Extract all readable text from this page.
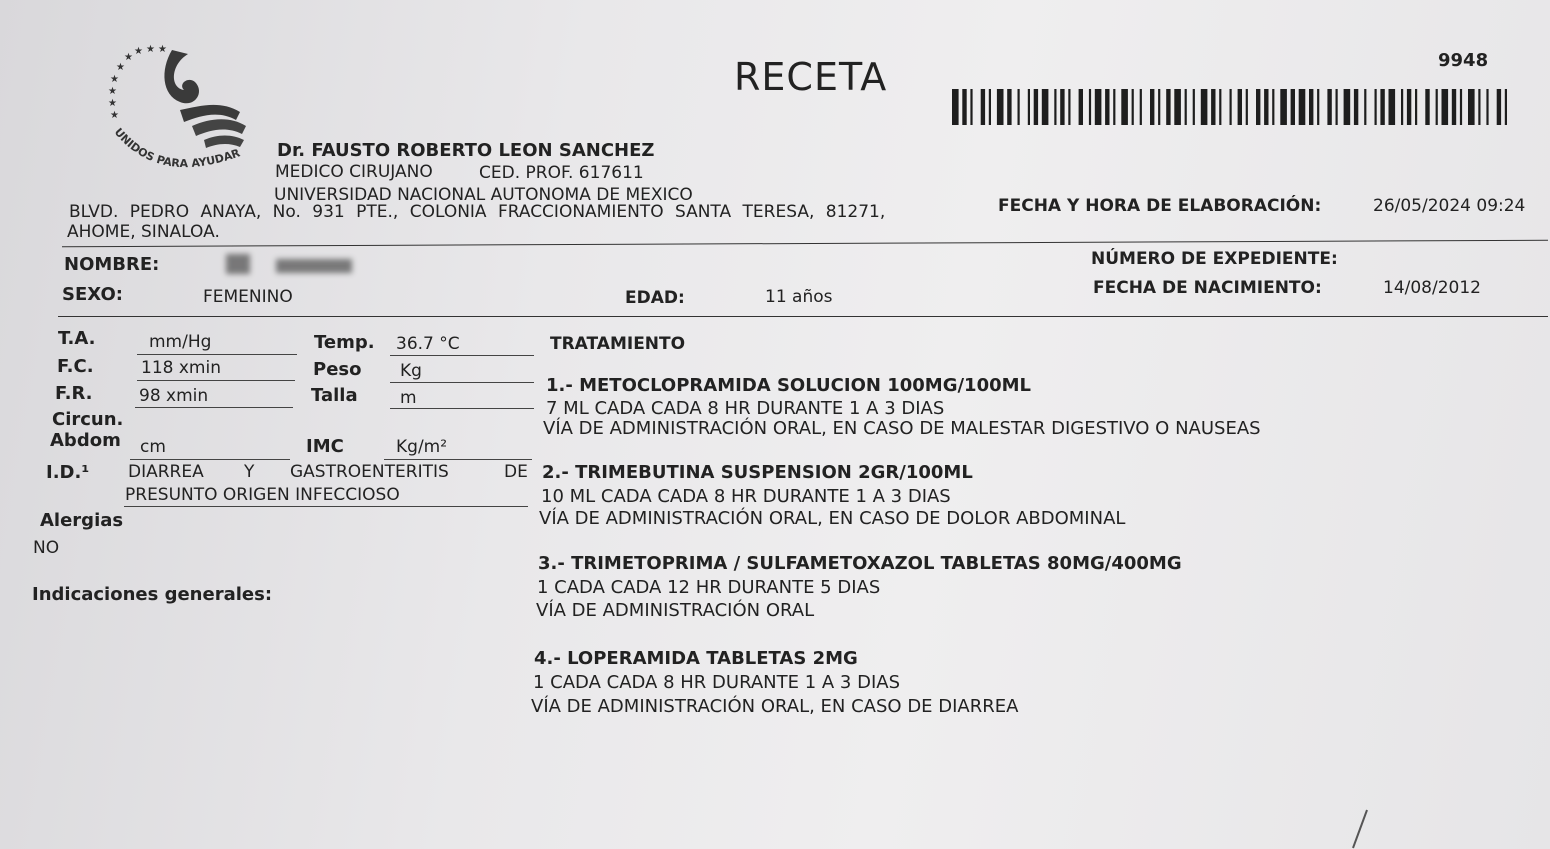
★
★
★
★
★
★
★ ★ ★
UNIDOS PARA AYUDAR
RECETA	9948
Dr. FAUSTO ROBERTO LEON SANCHEZ
MEDICO CIRUJANO	CED. PROF. 617611
UNIVERSIDAD NACIONAL AUTONOMA DE MEXICO
BLVD. PEDRO ANAYA, No. 931 PTE., COLONIA FRACCIONAMIENTO SANTA TERESA, 81271,
AHOME, SINALOA.
FECHA Y HORA DE ELABORACIÓN:	26/05/2024 09:24
NOMBRE:
SEXO:	FEMENINO	EDAD:	11 años
NÚMERO DE EXPEDIENTE:
FECHA DE NACIMIENTO:	14/08/2012
T.A.	mm/Hg	Temp. 36.7 °C
F.C.	118 xmin	Peso Kg
F.R.	98 xmin	Talla m
Circun.
Abdom cm	IMC	Kg/m²
I.D.¹ DIARREA Y GASTROENTERITIS	DE
PRESUNTO ORIGEN INFECCIOSO
Alergias
NO
Indicaciones generales:
TRATAMIENTO
1.- METOCLOPRAMIDA SOLUCION 100MG/100ML
7 ML CADA CADA 8 HR DURANTE 1 A 3 DIAS
VÍA DE ADMINISTRACIÓN ORAL, EN CASO DE MALESTAR DIGESTIVO O NAUSEAS
2.- TRIMEBUTINA SUSPENSION 2GR/100ML
10 ML CADA CADA 8 HR DURANTE 1 A 3 DIAS
VÍA DE ADMINISTRACIÓN ORAL, EN CASO DE DOLOR ABDOMINAL
3.- TRIMETOPRIMA / SULFAMETOXAZOL TABLETAS 80MG/400MG
1 CADA CADA 12 HR DURANTE 5 DIAS
VÍA DE ADMINISTRACIÓN ORAL
4.- LOPERAMIDA TABLETAS 2MG
1 CADA CADA 8 HR DURANTE 1 A 3 DIAS
VÍA DE ADMINISTRACIÓN ORAL, EN CASO DE DIARREA
